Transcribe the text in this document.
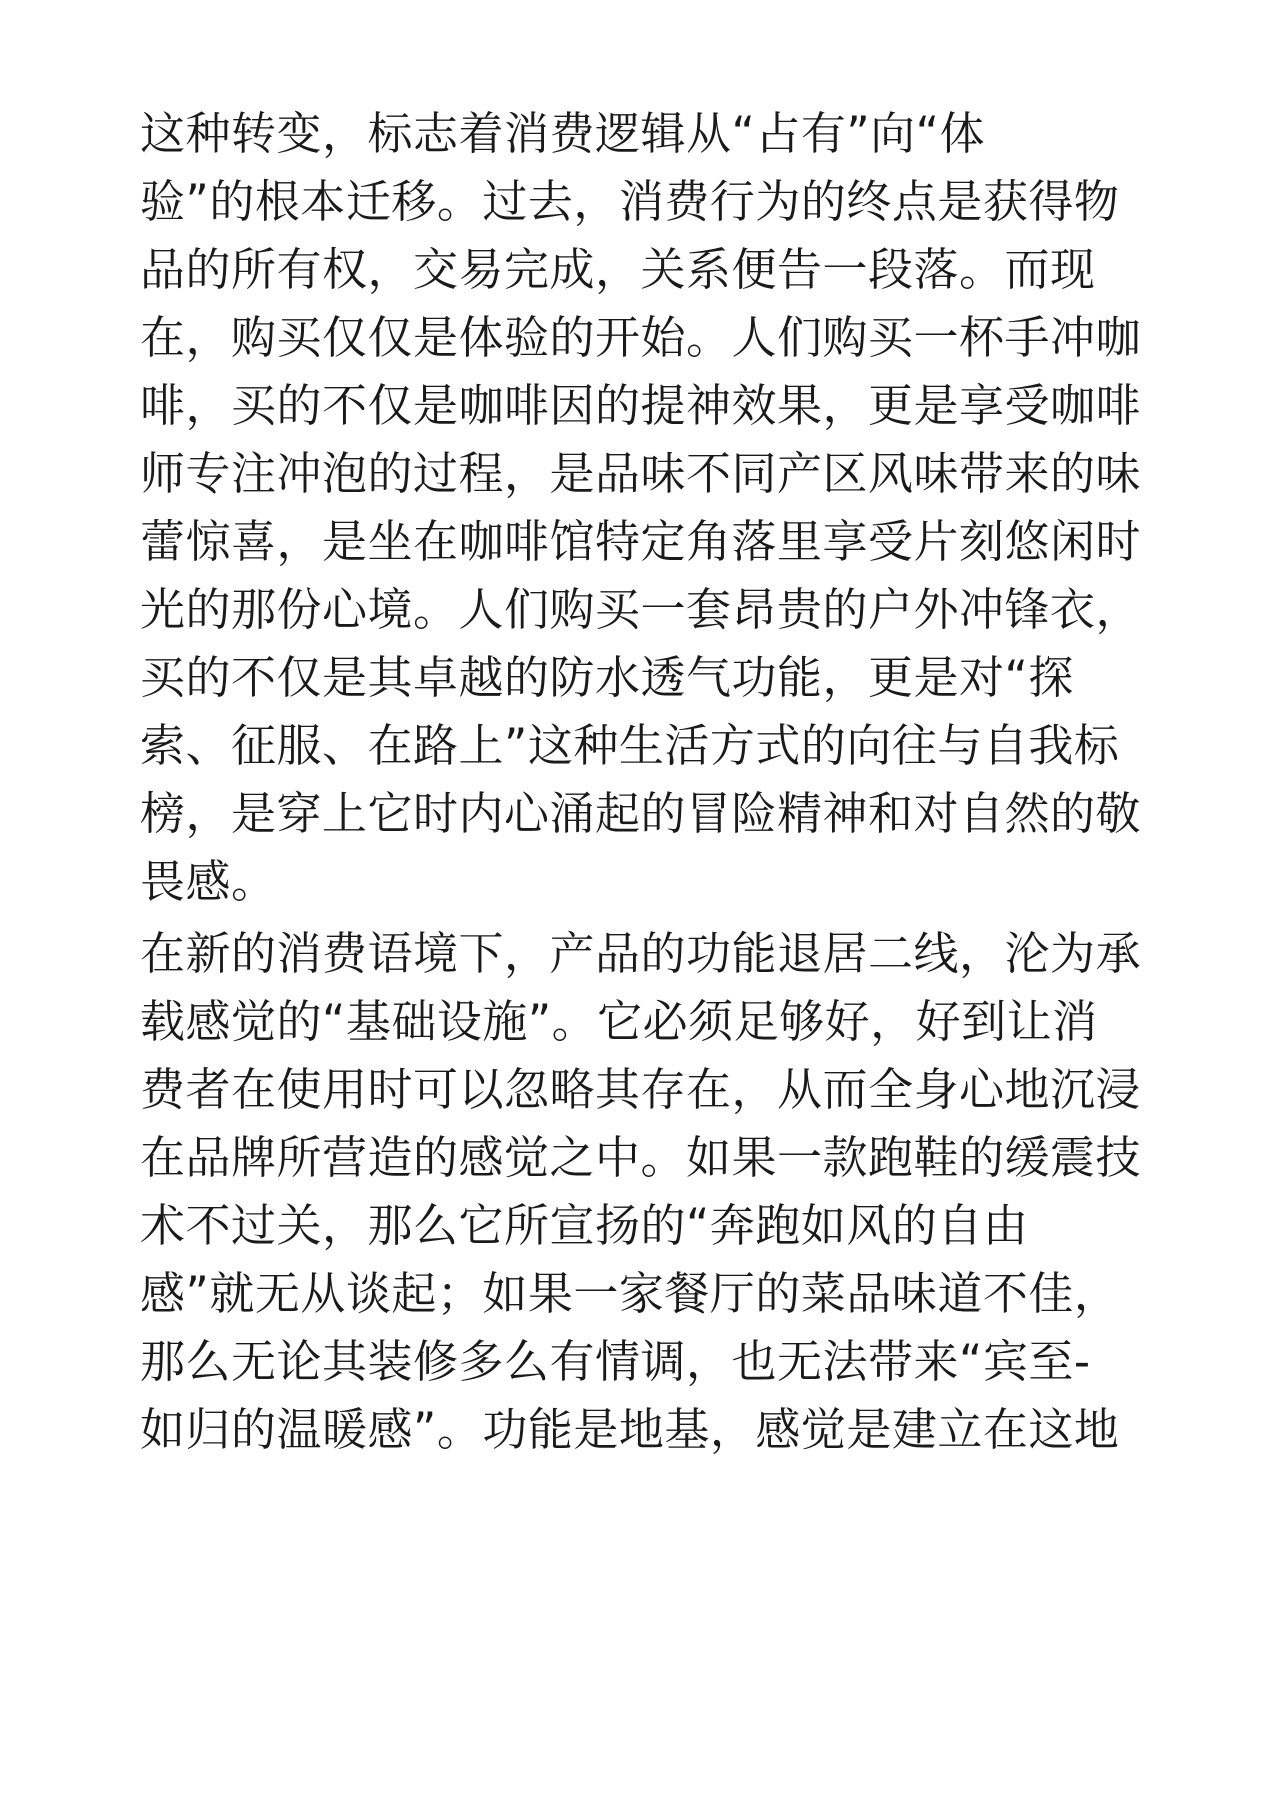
这种转变，标志着消费逻辑从“占有”向“体
验”的根本迁移。过去，消费行为的终点是获得物
品的所有权，交易完成，关系便告一段落。而现
在，购买仅仅是体验的开始。人们购买一杯手冲咖
啡，买的不仅是咖啡因的提神效果，更是享受咖啡
师专注冲泡的过程，是品味不同产区风味带来的味
蕾惊喜，是坐在咖啡馆特定角落里享受片刻悠闲时
光的那份心境。人们购买一套昂贵的户外冲锋衣，
买的不仅是其卓越的防水透气功能，更是对“探
索、征服、在路上”这种生活方式的向往与自我标
榜，是穿上它时内心涌起的冒险精神和对自然的敬
畏感。
在新的消费语境下，产品的功能退居二线，沦为承
载感觉的“基础设施”。它必须足够好，好到让消
费者在使用时可以忽略其存在，从而全身心地沉浸
在品牌所营造的感觉之中。如果一款跑鞋的缓震技
术不过关，那么它所宣扬的“奔跑如风的自由
感”就无从谈起；如果一家餐厅的菜品味道不佳，
那么无论其装修多么有情调，也无法带来“宾至-
如归的温暖感”。功能是地基，感觉是建立在这地
